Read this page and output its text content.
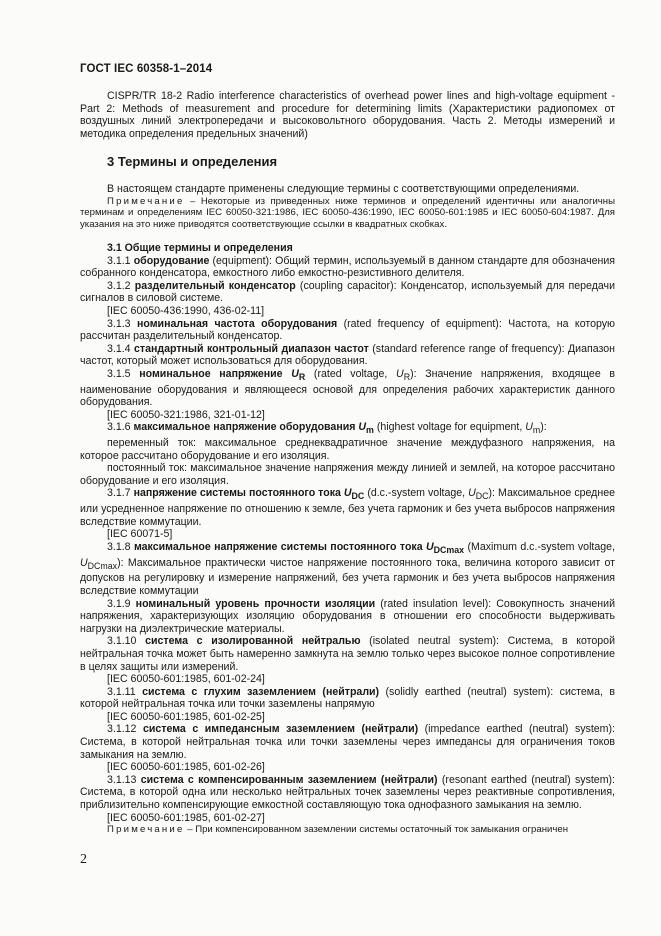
ГОСТ IEC 60358-1–2014

CISPR/TR 18-2 Radio interference characteristics of overhead power lines and high-voltage equipment - Part 2: Methods of measurement and procedure for determining limits (Характеристики радиопомех от воздушных линий электропередачи и высоковольтного оборудования. Часть 2. Методы измерений и методика определения предельных значений)

3 Термины и определения

В настоящем стандарте применены следующие термины с соответствующими определениями.

Примечание – Некоторые из приведенных ниже терминов и определений идентичны или аналогичны терминам и определениям IEC 60050-321:1986, IEC 60050-436:1990, IEC 60050-601:1985 и IEC 60050-604:1987. Для указания на это ниже приводятся соответствующие ссылки в квадратных скобках.

3.1 Общие термины и определения

3.1.1 оборудование (equipment): Общий термин, используемый в данном стандарте для обозначения собранного конденсатора, емкостного либо емкостно-резистивного делителя.

3.1.2 разделительный конденсатор (coupling capacitor): Конденсатор, используемый для передачи сигналов в силовой системе.

[IEC 60050-436:1990, 436-02-11]

3.1.3 номинальная частота оборудования (rated frequency of equipment): Частота, на которую рассчитан разделительный конденсатор.

3.1.4 стандартный контрольный диапазон частот (standard reference range of frequency): Диапазон частот, который может использоваться для оборудования.

3.1.5 номинальное напряжение $U_R$ (rated voltage, $U_R$): Значение напряжения, входящее в наименование оборудования и являющееся основой для определения рабочих характеристик данного оборудования.

[IEC 60050-321:1986, 321-01-12]

3.1.6 максимальное напряжение оборудования $U_m$ (highest voltage for equipment, $U_m$):

переменный ток: максимальное среднеквадратичное значение междуфазного напряжения, на которое рассчитано оборудование и его изоляция.

постоянный ток: максимальное значение напряжения между линией и землей, на которое рассчитано оборудование и его изоляция.

3.1.7 напряжение системы постоянного тока $U_{DC}$ (d.c.-system voltage, $U_{DC}$): Максимальное среднее или усредненное напряжение по отношению к земле, без учета гармоник и без учета выбросов напряжения вследствие коммутации.

[IEC 60071-5]

3.1.8 максимальное напряжение системы постоянного тока $U_{DCmax}$ (Maximum d.c.-system voltage, $U_{DCmax}$): Максимальное практически чистое напряжение постоянного тока, величина которого зависит от допусков на регулировку и измерение напряжений, без учета гармоник и без учета выбросов напряжения вследствие коммутации

3.1.9 номинальный уровень прочности изоляции (rated insulation level): Совокупность значений напряжения, характеризующих изоляцию оборудования в отношении его способности выдерживать нагрузки на диэлектрические материалы.

3.1.10 система с изолированной нейтралью (isolated neutral system): Система, в которой нейтральная точка может быть намеренно замкнута на землю только через высокое полное сопротивление в целях защиты или измерений.

[IEC 60050-601:1985, 601-02-24]

3.1.11 система с глухим заземлением (нейтрали) (solidly earthed (neutral) system): система, в которой нейтральная точка или точки заземлены напрямую

[IEC 60050-601:1985, 601-02-25]

3.1.12 система с импедансным заземлением (нейтрали) (impedance earthed (neutral) system): Система, в которой нейтральная точка или точки заземлены через импедансы для ограничения токов замыкания на землю.

[IEC 60050-601:1985, 601-02-26]

3.1.13 система с компенсированным заземлением (нейтрали) (resonant earthed (neutral) system): Система, в которой одна или несколько нейтральных точек заземлены через реактивные сопротивления, приблизительно компенсирующие емкостной составляющую тока однофазного замыкания на землю.

[IEC 60050-601:1985, 601-02-27]

Примечание – При компенсированном заземлении системы остаточный ток замыкания ограничен

2
